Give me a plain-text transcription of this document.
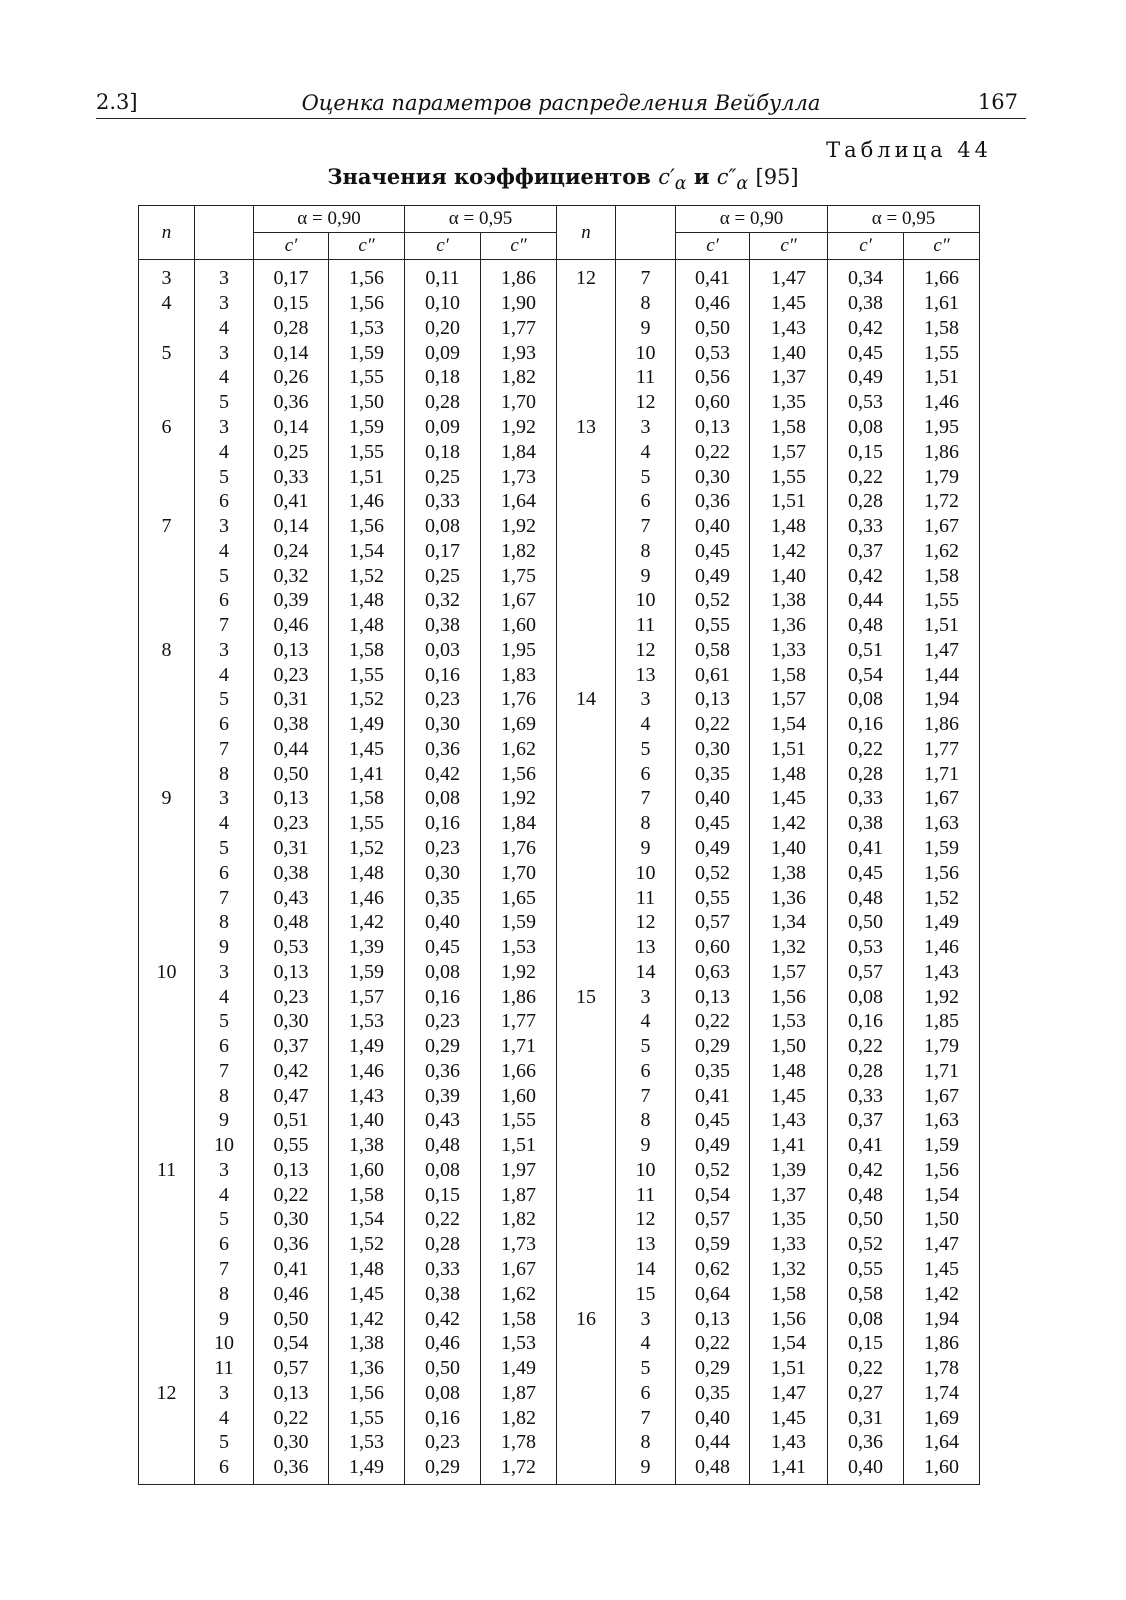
2.3]	Оценка параметров распределения Вейбулла	167
Таблица 44
Значения коэффициентов $c'_\alpha$ и $c''_\alpha$ [95]
n		α = 0,90		α = 0,95		n		α = 0,90		α = 0,95	
		c′	c″	c′	c″			c′	c″	c′	c″
3	3	0,17	1,56	0,11	1,86	12	7	0,41	1,47	0,34	1,66
4	3	0,15	1,56	0,10	1,90		8	0,46	1,45	0,38	1,61
	4	0,28	1,53	0,20	1,77		9	0,50	1,43	0,42	1,58
5	3	0,14	1,59	0,09	1,93		10	0,53	1,40	0,45	1,55
	4	0,26	1,55	0,18	1,82		11	0,56	1,37	0,49	1,51
	5	0,36	1,50	0,28	1,70		12	0,60	1,35	0,53	1,46
6	3	0,14	1,59	0,09	1,92	13	3	0,13	1,58	0,08	1,95
	4	0,25	1,55	0,18	1,84		4	0,22	1,57	0,15	1,86
	5	0,33	1,51	0,25	1,73		5	0,30	1,55	0,22	1,79
	6	0,41	1,46	0,33	1,64		6	0,36	1,51	0,28	1,72
7	3	0,14	1,56	0,08	1,92		7	0,40	1,48	0,33	1,67
	4	0,24	1,54	0,17	1,82		8	0,45	1,42	0,37	1,62
	5	0,32	1,52	0,25	1,75		9	0,49	1,40	0,42	1,58
	6	0,39	1,48	0,32	1,67		10	0,52	1,38	0,44	1,55
	7	0,46	1,48	0,38	1,60		11	0,55	1,36	0,48	1,51
8	3	0,13	1,58	0,03	1,95		12	0,58	1,33	0,51	1,47
	4	0,23	1,55	0,16	1,83		13	0,61	1,58	0,54	1,44
	5	0,31	1,52	0,23	1,76	14	3	0,13	1,57	0,08	1,94
	6	0,38	1,49	0,30	1,69		4	0,22	1,54	0,16	1,86
	7	0,44	1,45	0,36	1,62		5	0,30	1,51	0,22	1,77
	8	0,50	1,41	0,42	1,56		6	0,35	1,48	0,28	1,71
9	3	0,13	1,58	0,08	1,92		7	0,40	1,45	0,33	1,67
	4	0,23	1,55	0,16	1,84		8	0,45	1,42	0,38	1,63
	5	0,31	1,52	0,23	1,76		9	0,49	1,40	0,41	1,59
	6	0,38	1,48	0,30	1,70		10	0,52	1,38	0,45	1,56
	7	0,43	1,46	0,35	1,65		11	0,55	1,36	0,48	1,52
	8	0,48	1,42	0,40	1,59		12	0,57	1,34	0,50	1,49
	9	0,53	1,39	0,45	1,53		13	0,60	1,32	0,53	1,46
10	3	0,13	1,59	0,08	1,92		14	0,63	1,57	0,57	1,43
	4	0,23	1,57	0,16	1,86	15	3	0,13	1,56	0,08	1,92
	5	0,30	1,53	0,23	1,77		4	0,22	1,53	0,16	1,85
	6	0,37	1,49	0,29	1,71		5	0,29	1,50	0,22	1,79
	7	0,42	1,46	0,36	1,66		6	0,35	1,48	0,28	1,71
	8	0,47	1,43	0,39	1,60		7	0,41	1,45	0,33	1,67
	9	0,51	1,40	0,43	1,55		8	0,45	1,43	0,37	1,63
	10	0,55	1,38	0,48	1,51		9	0,49	1,41	0,41	1,59
11	3	0,13	1,60	0,08	1,97		10	0,52	1,39	0,42	1,56
	4	0,22	1,58	0,15	1,87		11	0,54	1,37	0,48	1,54
	5	0,30	1,54	0,22	1,82		12	0,57	1,35	0,50	1,50
	6	0,36	1,52	0,28	1,73		13	0,59	1,33	0,52	1,47
	7	0,41	1,48	0,33	1,67		14	0,62	1,32	0,55	1,45
	8	0,46	1,45	0,38	1,62		15	0,64	1,58	0,58	1,42
	9	0,50	1,42	0,42	1,58	16	3	0,13	1,56	0,08	1,94
	10	0,54	1,38	0,46	1,53		4	0,22	1,54	0,15	1,86
	11	0,57	1,36	0,50	1,49		5	0,29	1,51	0,22	1,78
12	3	0,13	1,56	0,08	1,87		6	0,35	1,47	0,27	1,74
	4	0,22	1,55	0,16	1,82		7	0,40	1,45	0,31	1,69
	5	0,30	1,53	0,23	1,78		8	0,44	1,43	0,36	1,64
	6	0,36	1,49	0,29	1,72		9	0,48	1,41	0,40	1,60
